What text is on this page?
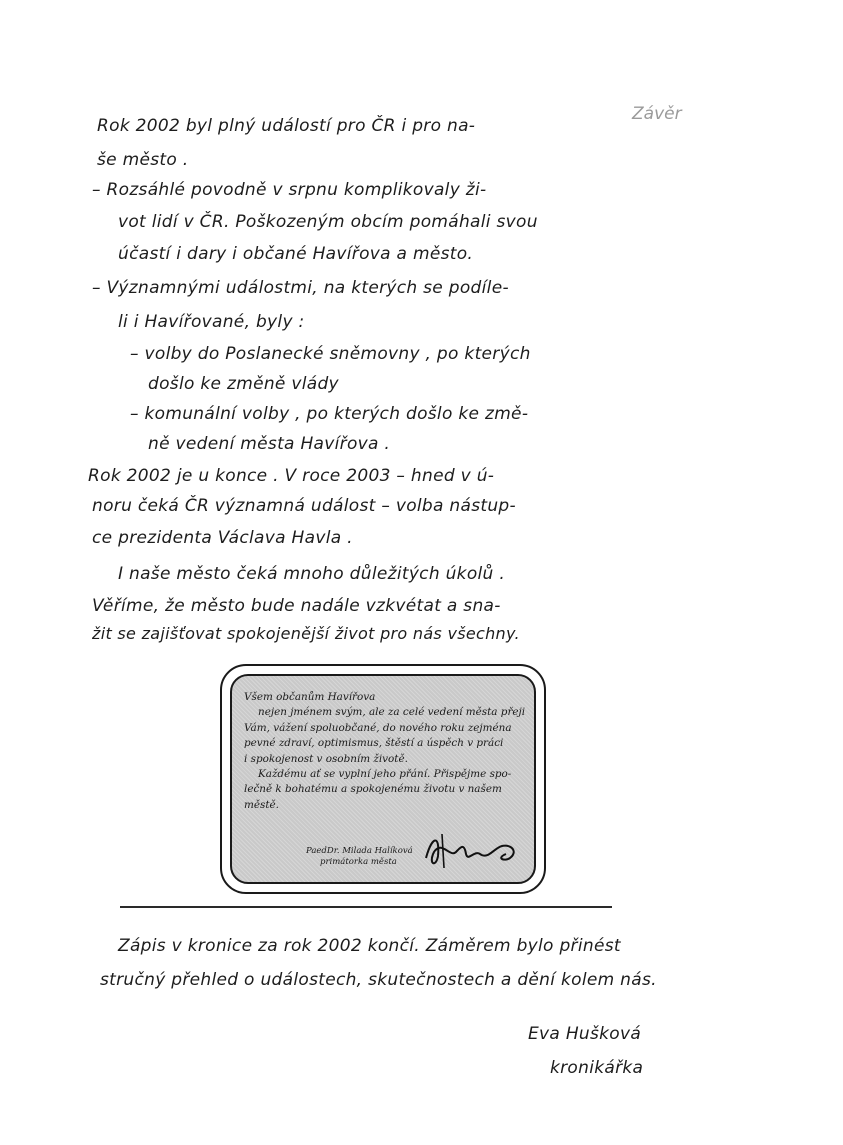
Závěr
Rok 2002 byl plný událostí pro ČR i pro na-
še město .
– Rozsáhlé povodně v srpnu komplikovaly ži-
vot lidí v ČR. Poškozeným obcím pomáhali svou
účastí i dary i občané Havířova a město.
– Významnými událostmi, na kterých se podíle-
li i Havířované, byly :
– volby do Poslanecké sněmovny , po kterých
došlo ke změně vlády
– komunální volby , po kterých došlo ke změ-
ně vedení města Havířova .
Rok 2002 je u konce . V roce 2003 – hned v ú-
noru čeká ČR významná událost – volba nástup-
ce prezidenta Václava Havla .
I naše město čeká mnoho důležitých úkolů .
Věříme, že město bude nadále vzkvétat a sna-
žit se zajišťovat spokojenější život pro nás všechny.
Všem občanům Havířova
nejen jménem svým, ale za celé vedení města přeji
Vám, vážení spoluobčané, do nového roku zejména
pevné zdraví, optimismus, štěstí a úspěch v práci
i spokojenost v osobním životě.
Každému ať se vyplní jeho přání. Přispějme spo-
lečně k bohatému a spokojenému životu v našem
městě.
PaedDr. Milada Halíková
primátorka města
Zápis v kronice za rok 2002 končí. Záměrem bylo přinést
stručný přehled o událostech, skutečnostech a dění kolem nás.
Eva Hušková
kronikářka
